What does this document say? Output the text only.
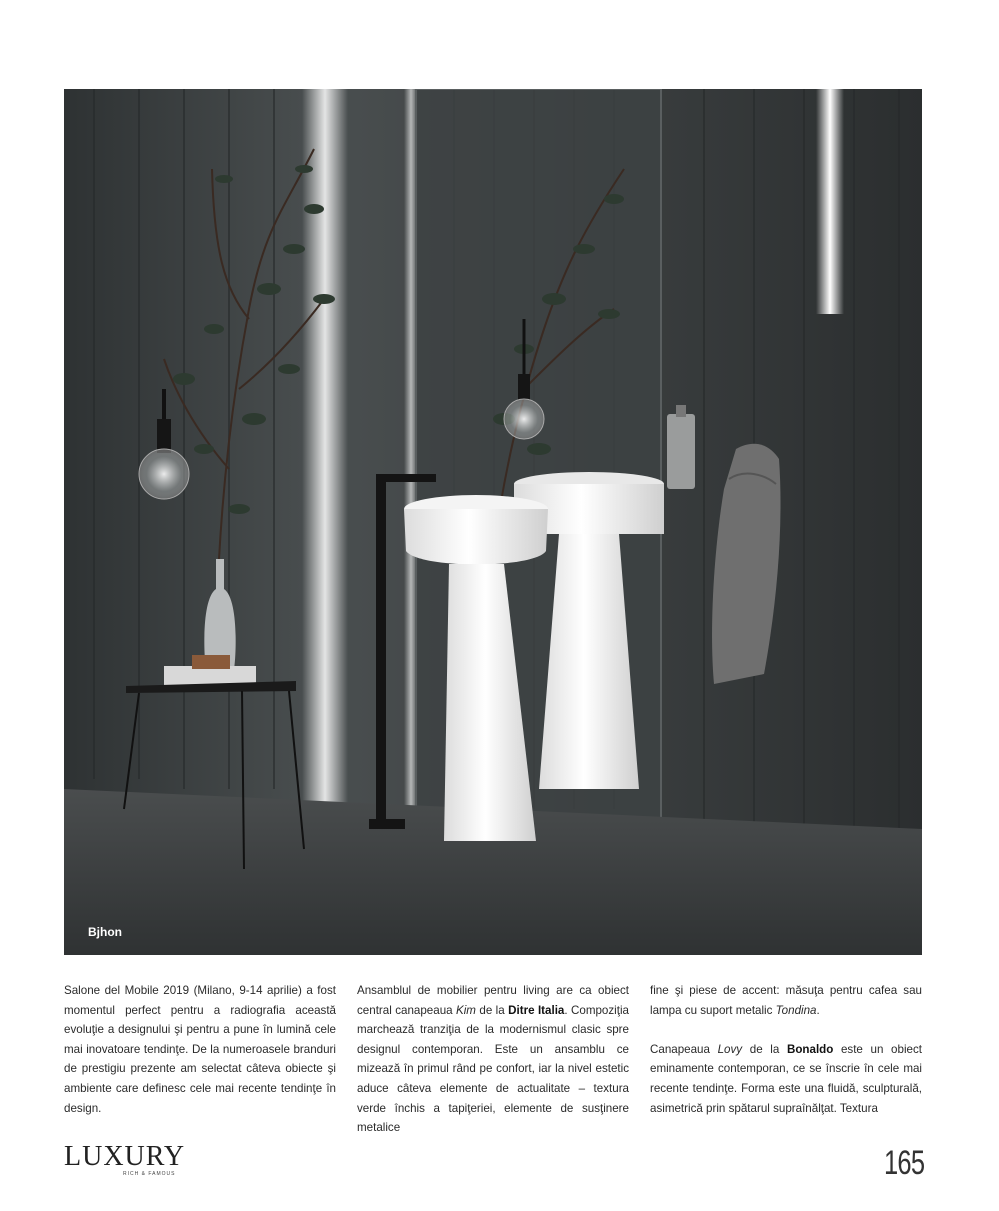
Bjhon

Salone del Mobile 2019 (Milano, 9-14 aprilie) a fost momentul perfect pentru a radiografia această evoluţie a designului şi pentru a pune în lumină cele mai inovatoare tendinţe. De la numeroasele branduri de prestigiu prezente am selectat câteva obiecte şi ambiente care definesc cele mai recente tendinţe în design.

Ansamblul de mobilier pentru living are ca obiect central canapeaua Kim de la Ditre Italia. Compoziţia marchează tranziţia de la modernismul clasic spre designul contemporan. Este un ansamblu ce mizează în primul rând pe confort, iar la nivel estetic aduce câteva elemente de actualitate – textura verde închis a tapiţeriei, elemente de susţinere metalice

fine şi piese de accent: măsuţa pentru cafea sau lampa cu suport metalic Tondina.

Canapeaua Lovy de la Bonaldo este un obiect eminamente contemporan, ce se înscrie în cele mai recente tendinţe. Forma este una fluidă, sculpturală, asimetrică prin spătarul supraînălţat. Textura

LUXURY
RICH & FAMOUS	165
